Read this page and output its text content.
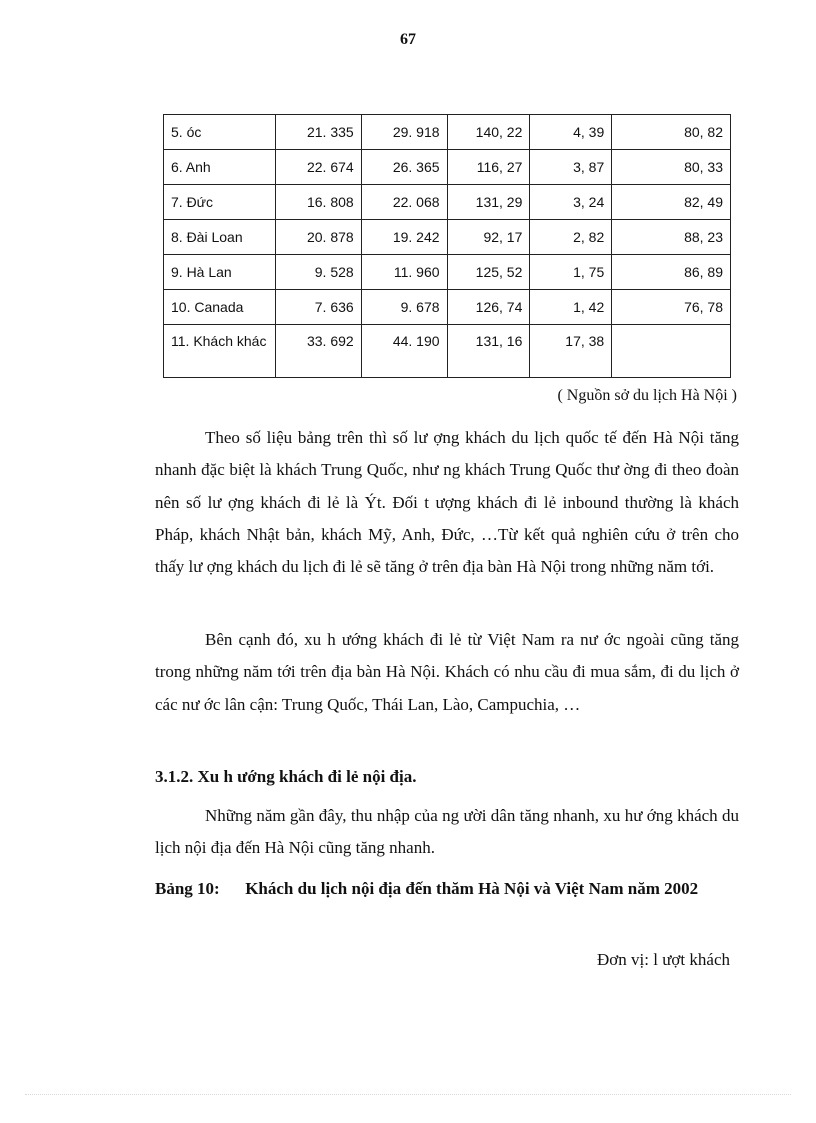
67
5. óc	21. 335	29. 918	140, 22	4, 39	80, 82
6. Anh	22. 674	26. 365	116, 27	3, 87	80, 33
7. Đức	16. 808	22. 068	131, 29	3, 24	82, 49
8. Đài Loan	20. 878	19. 242	92, 17	2, 82	88, 23
9. Hà Lan	9. 528	11. 960	125, 52	1, 75	86, 89
10. Canada	7. 636	9. 678	126, 74	1, 42	76, 78
11. Khách khác	33. 692	44. 190	131, 16	17, 38	
( Nguồn sở du lịch Hà Nội )

Theo số liệu bảng trên thì số lư ợng khách du lịch quốc tế đến Hà Nội tăng nhanh đặc biệt là khách Trung Quốc, như ng khách Trung Quốc thư ờng đi theo đoàn nên số lư ợng khách đi lẻ là Ýt. Đối t ượng khách đi lẻ inbound thường là khách Pháp, khách Nhật bản, khách Mỹ, Anh, Đức, …Từ kết quả nghiên cứu ở trên cho thấy lư ợng khách du lịch đi lẻ sẽ tăng ở trên địa bàn Hà Nội trong những năm tới.

Bên cạnh đó, xu h ướng khách đi lẻ từ Việt Nam ra nư ớc ngoài cũng tăng trong những năm tới trên địa bàn Hà Nội. Khách có nhu cầu đi mua sắm, đi du lịch ở các nư ớc lân cận: Trung Quốc, Thái Lan, Lào, Campuchia, …

3.1.2. Xu h ướng khách đi lẻ nội địa.

Những năm gần đây, thu nhập của ng ười dân tăng nhanh, xu hư ớng khách du lịch nội địa đến Hà Nội cũng tăng nhanh.

Bảng 10:      Khách du lịch nội địa đến thăm Hà Nội và Việt Nam năm 2002

Đơn vị: l ượt khách
